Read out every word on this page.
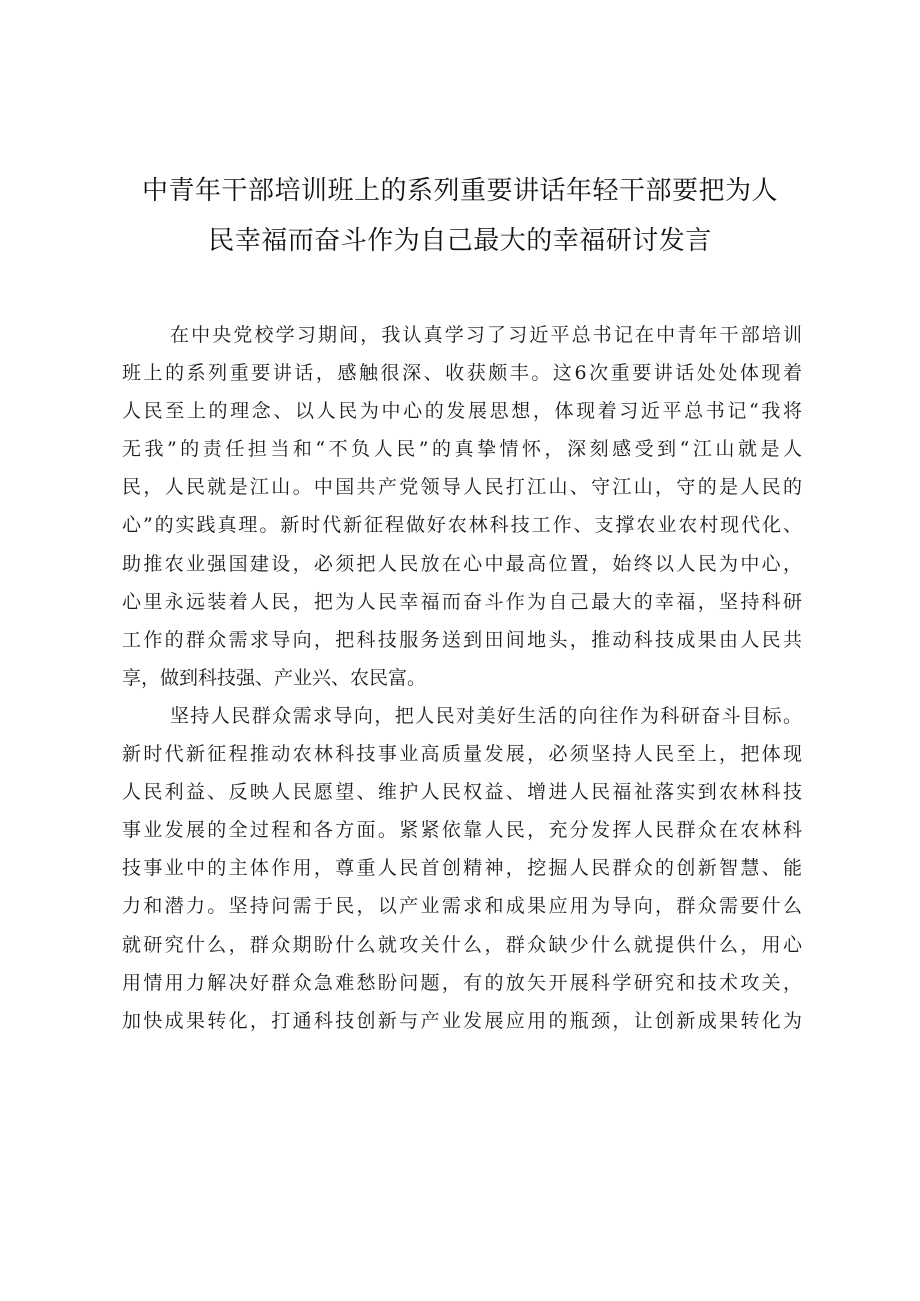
中青年干部培训班上的系列重要讲话年轻干部要把为人
民幸福而奋斗作为自己最大的幸福研讨发言
在中央党校学习期间，我认真学习了习近平总书记在中青年干部培训
班上的系列重要讲话，感触很深、收获颇丰。这6次重要讲话处处体现着
人民至上的理念、以人民为中心的发展思想，体现着习近平总书记“我将
无我”的责任担当和“不负人民”的真挚情怀，深刻感受到“江山就是人
民，人民就是江山。中国共产党领导人民打江山、守江山，守的是人民的
心”的实践真理。新时代新征程做好农林科技工作、支撑农业农村现代化、
助推农业强国建设，必须把人民放在心中最高位置，始终以人民为中心，
心里永远装着人民，把为人民幸福而奋斗作为自己最大的幸福，坚持科研
工作的群众需求导向，把科技服务送到田间地头，推动科技成果由人民共
享，做到科技强、产业兴、农民富。
坚持人民群众需求导向，把人民对美好生活的向往作为科研奋斗目标。
新时代新征程推动农林科技事业高质量发展，必须坚持人民至上，把体现
人民利益、反映人民愿望、维护人民权益、增进人民福祉落实到农林科技
事业发展的全过程和各方面。紧紧依靠人民，充分发挥人民群众在农林科
技事业中的主体作用，尊重人民首创精神，挖掘人民群众的创新智慧、能
力和潜力。坚持问需于民，以产业需求和成果应用为导向，群众需要什么
就研究什么，群众期盼什么就攻关什么，群众缺少什么就提供什么，用心
用情用力解决好群众急难愁盼问题，有的放矢开展科学研究和技术攻关，
加快成果转化，打通科技创新与产业发展应用的瓶颈，让创新成果转化为
